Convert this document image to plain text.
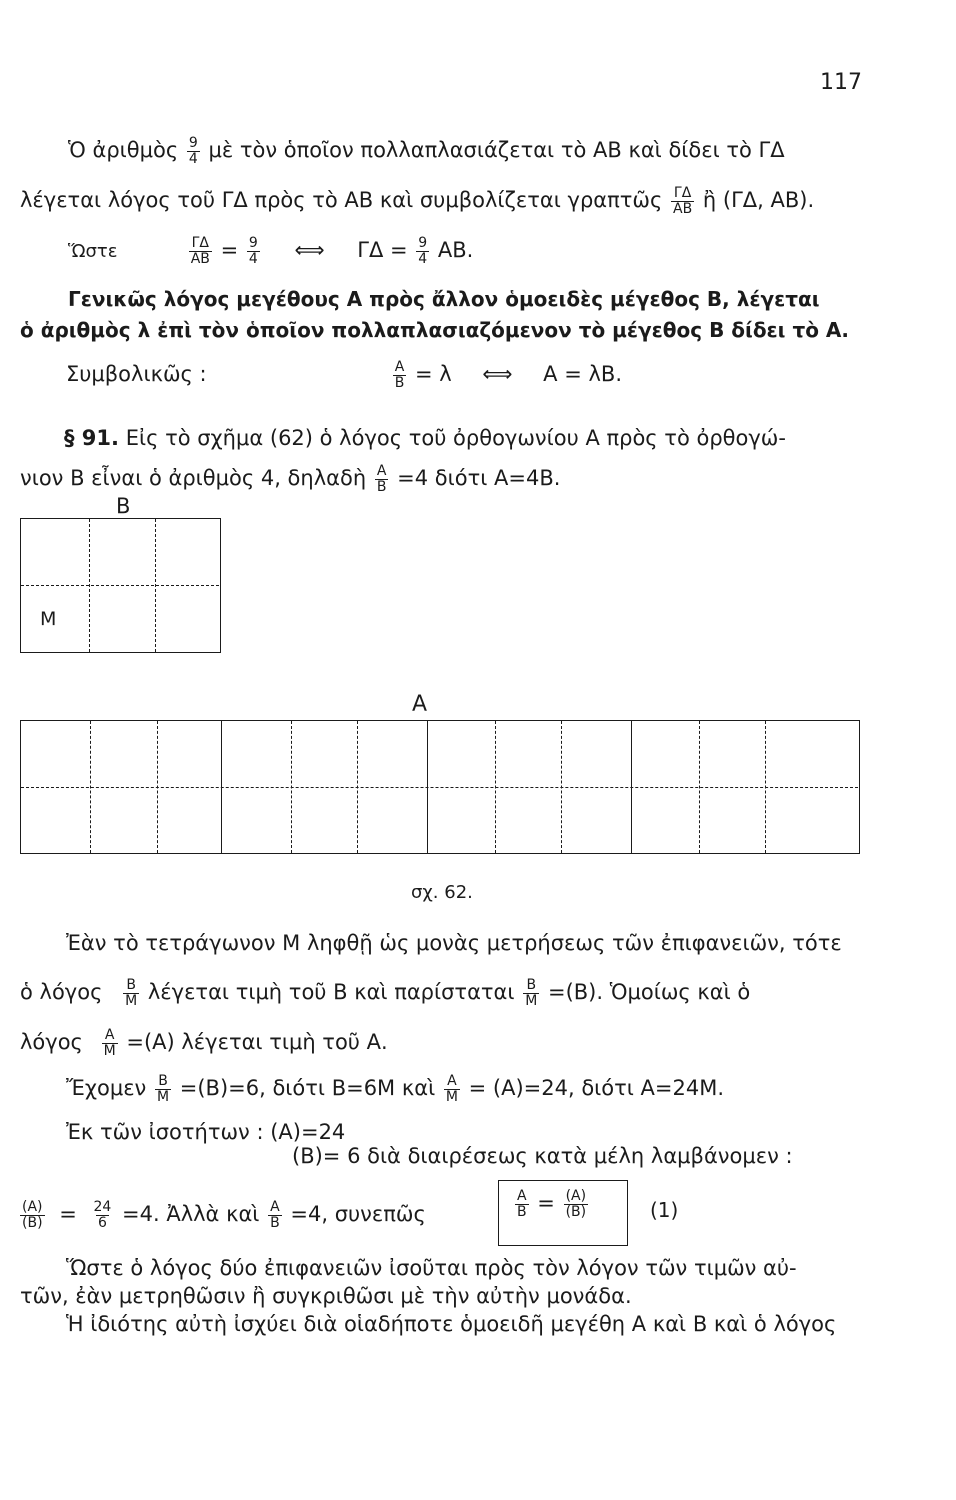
117
Ὁ ἀριθμὸς $\frac{9}{4}$ μὲ τὸν ὁποῖον πολλαπλασιάζεται τὸ ΑΒ καὶ δίδει τὸ ΓΔ
λέγεται λόγος τοῦ ΓΔ πρὸς τὸ ΑΒ καὶ συμβολίζεται γραπτῶς $\frac{\Gamma\Delta}{AB}$ ἢ (ΓΔ, ΑΒ).
Ὥστε	$\frac{\Gamma\Delta}{AB} = \frac{9}{4}$ ⟺ $\Gamma\Delta = \frac{9}{4} AB$.
Γενικῶς λόγος μεγέθους Α πρὸς ἄλλον ὁμοειδὲς μέγεθος Β, λέγεται
ὁ ἀριθμὸς λ ἐπὶ τὸν ὁποῖον πολλαπλασιαζόμενον τὸ μέγεθος Β δίδει τὸ Α.
Συμβολικῶς :	$\frac{A}{B} = \lambda$ ⟺ Α = λΒ.
§ 91. Εἰς τὸ σχῆμα (62) ὁ λόγος τοῦ ὀρθογωνίου Α πρὸς τὸ ὀρθογώ-
νιον Β εἶναι ὁ ἀριθμὸς 4, δηλαδὴ $\frac{A}{B} =4$ διότι Α=4Β.
Β
Μ
Α
σχ. 62.
Ἐὰν τὸ τετράγωνον Μ ληφθῇ ὡς μονὰς μετρήσεως τῶν ἐπιφανειῶν, τότε
ὁ λόγος $\frac{B}{M}$ λέγεται τιμὴ τοῦ Β καὶ παρίσταται $\frac{B}{M} =(B)$. Ὁμοίως καὶ ὁ
λόγος $\frac{A}{M} =(A)$ λέγεται τιμὴ τοῦ Α.
Ἔχομεν $\frac{B}{M} =(B)=6$, διότι Β=6Μ καὶ $\frac{A}{M} = (A)=24$, διότι Α=24Μ.
Ἐκ τῶν ἰσοτήτων : (Α)=24
(Β)= 6 διὰ διαιρέσεως κατὰ μέλη λαμβάνομεν :
$\frac{(A)}{(B)} = \frac{24}{6} =4$. Ἀλλὰ καὶ $\frac{A}{B} =4$, συνεπῶς	$\frac{A}{B} = \frac{(A)}{(B)}$	(1)
Ὥστε ὁ λόγος δύο ἐπιφανειῶν ἰσοῦται πρὸς τὸν λόγον τῶν τιμῶν αὐ-
τῶν, ἐὰν μετρηθῶσιν ἢ συγκριθῶσι μὲ τὴν αὐτὴν μονάδα.
Ἡ ἰδιότης αὐτὴ ἰσχύει διὰ οἱαδήποτε ὁμοειδῆ μεγέθη Α καὶ Β καὶ ὁ λόγος
